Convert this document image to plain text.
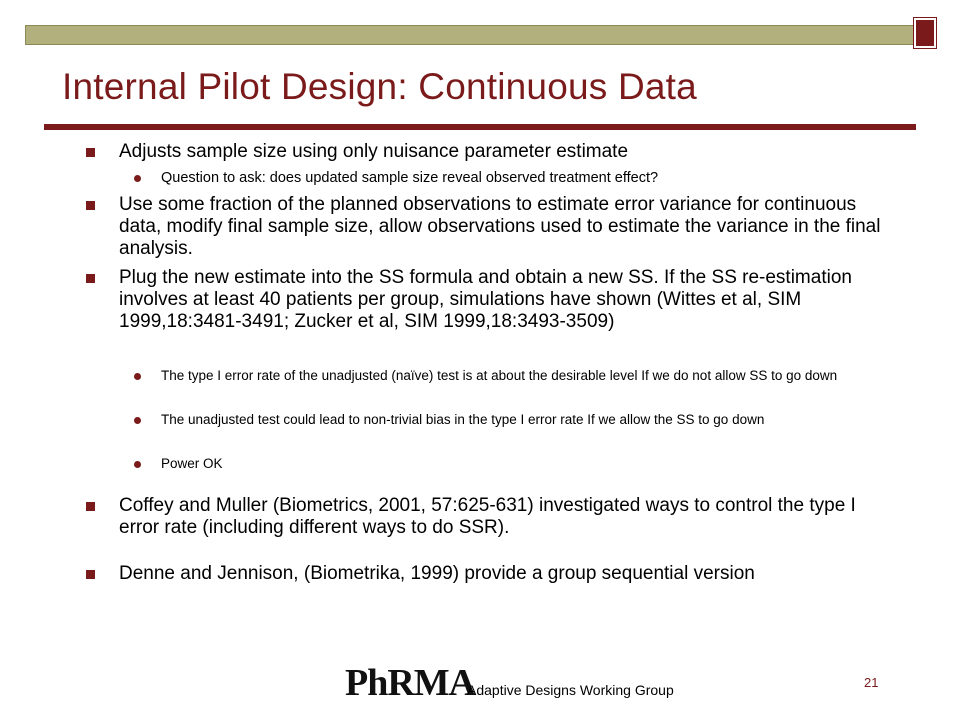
Internal Pilot Design: Continuous Data
Adjusts sample size using only nuisance parameter estimate
Question to ask: does updated sample size reveal observed treatment effect?
Use some fraction of the planned observations to estimate error variance for continuous data, modify final sample size, allow observations used to estimate the variance in the final analysis.
Plug the new estimate into the SS formula and obtain a new SS. If the SS re-estimation involves at least 40 patients per group, simulations have shown (Wittes et al, SIM 1999,18:3481-3491; Zucker et al, SIM 1999,18:3493-3509)
The type I error rate of the unadjusted (naïve) test is at about the desirable level If we do not allow SS to go down
The unadjusted test could lead to non-trivial bias in the type I error rate If we allow the SS to go down
Power OK
Coffey and Muller (Biometrics, 2001, 57:625-631) investigated ways to control the type I error rate (including different ways to do SSR).
Denne and Jennison, (Biometrika, 1999) provide a group sequential version
PhRMA
Adaptive Designs Working Group	21
